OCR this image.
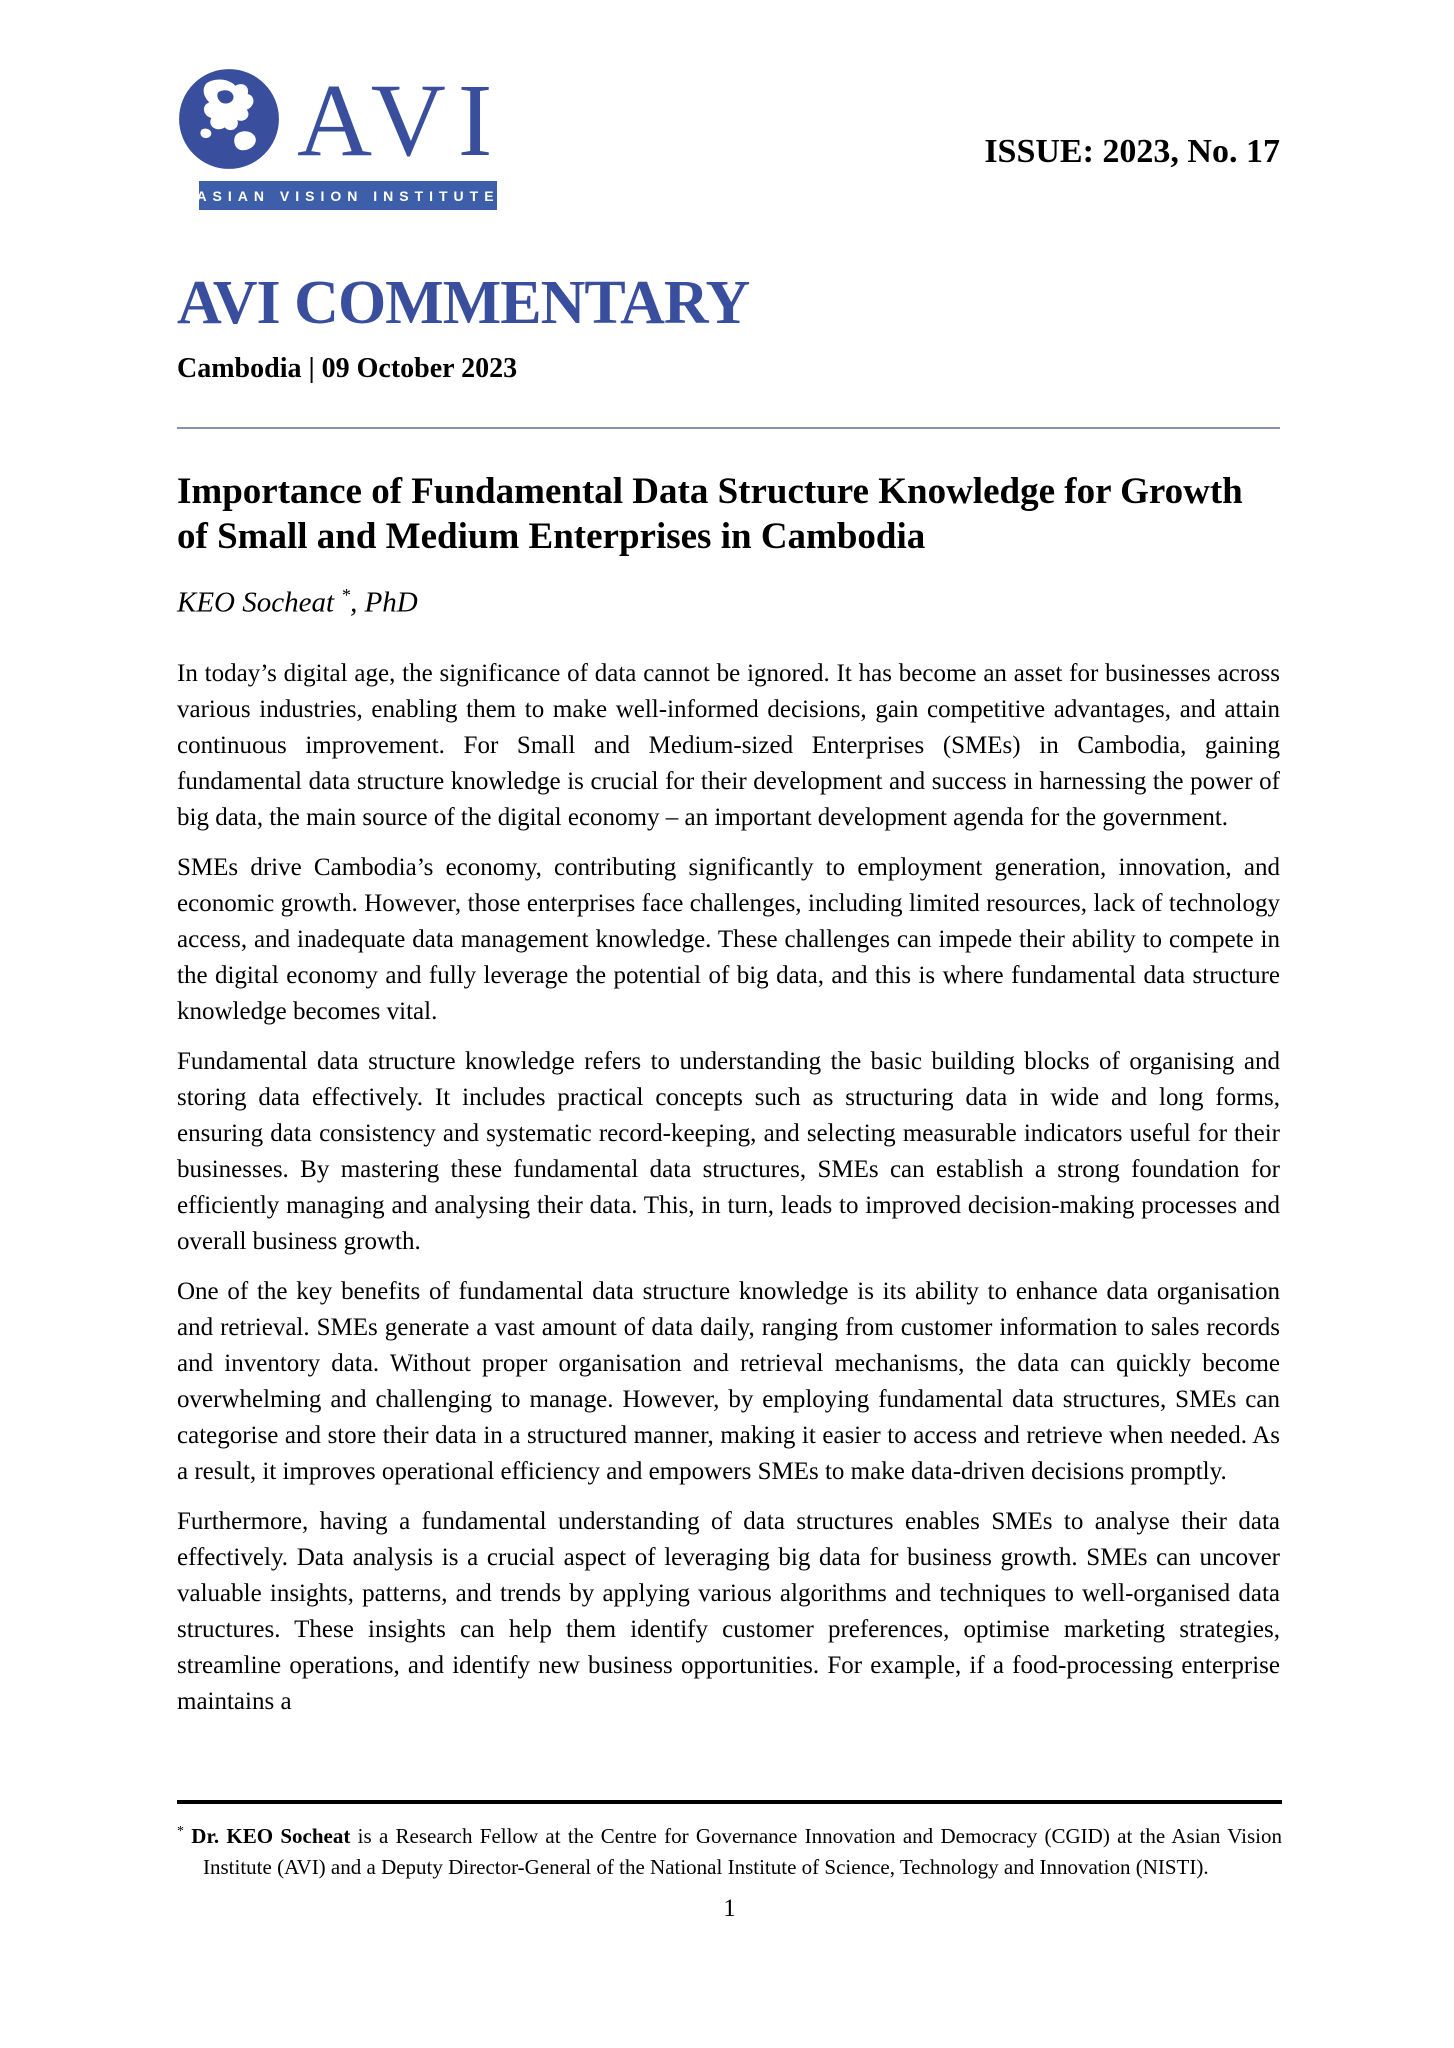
AVI
ASIAN VISION INSTITUTE
ISSUE: 2023, No. 17
AVI COMMENTARY
Cambodia | 09 October 2023
Importance of Fundamental Data Structure Knowledge for Growth of Small and Medium Enterprises in Cambodia
KEO Socheat *, PhD

In today’s digital age, the significance of data cannot be ignored. It has become an asset for businesses across various industries, enabling them to make well-informed decisions, gain competitive advantages, and attain continuous improvement. For Small and Medium-sized Enterprises (SMEs) in Cambodia, gaining fundamental data structure knowledge is crucial for their development and success in harnessing the power of big data, the main source of the digital economy – an important development agenda for the government.

SMEs drive Cambodia’s economy, contributing significantly to employment generation, innovation, and economic growth. However, those enterprises face challenges, including limited resources, lack of technology access, and inadequate data management knowledge. These challenges can impede their ability to compete in the digital economy and fully leverage the potential of big data, and this is where fundamental data structure knowledge becomes vital.

Fundamental data structure knowledge refers to understanding the basic building blocks of organising and storing data effectively. It includes practical concepts such as structuring data in wide and long forms, ensuring data consistency and systematic record-keeping, and selecting measurable indicators useful for their businesses. By mastering these fundamental data structures, SMEs can establish a strong foundation for efficiently managing and analysing their data. This, in turn, leads to improved decision-making processes and overall business growth.

One of the key benefits of fundamental data structure knowledge is its ability to enhance data organisation and retrieval. SMEs generate a vast amount of data daily, ranging from customer information to sales records and inventory data. Without proper organisation and retrieval mechanisms, the data can quickly become overwhelming and challenging to manage. However, by employing fundamental data structures, SMEs can categorise and store their data in a structured manner, making it easier to access and retrieve when needed. As a result, it improves operational efficiency and empowers SMEs to make data-driven decisions promptly.

Furthermore, having a fundamental understanding of data structures enables SMEs to analyse their data effectively. Data analysis is a crucial aspect of leveraging big data for business growth. SMEs can uncover valuable insights, patterns, and trends by applying various algorithms and techniques to well-organised data structures. These insights can help them identify customer preferences, optimise marketing strategies, streamline operations, and identify new business opportunities. For example, if a food-processing enterprise maintains a

* Dr. KEO Socheat is a Research Fellow at the Centre for Governance Innovation and Democracy (CGID) at the Asian Vision Institute (AVI) and a Deputy Director-General of the National Institute of Science, Technology and Innovation (NISTI).
1
